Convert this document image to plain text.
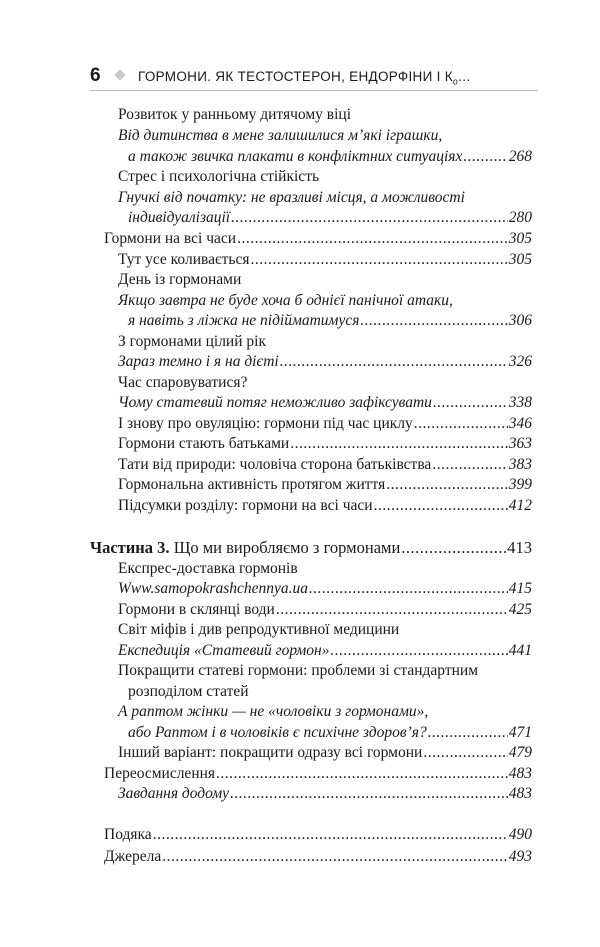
6	ГОРМОНИ. ЯК ТЕСТОСТЕРОН, ЕНДОРФІНИ І $К_о$...
Розвиток у ранньому дитячому віці
Від дитинства в мене залишилися м’які іграшки,
а також звичка плакати в конфліктних ситуаціях .....	268
Стрес і психологічна стійкість
Гнучкі від початку: не вразливі місця, а можливості
індивідуалізації .....	280
Гормони на всі часи .....	305
Тут усе коливається .....	305
День із гормонами
Якщо завтра не буде хоча б однієї панічної атаки,
я навіть з ліжка не підійматимуся .....	306
З гормонами цілий рік
Зараз темно і я на дієті .....	326
Час спаровуватися?
Чому статевий потяг неможливо зафіксувати .....	338
І знову про овуляцію: гормони під час циклу .....	346
Гормони стають батьками .....	363
Тати від природи: чоловіча сторона батьківства .....	383
Гормональна активність протягом життя .....	399
Підсумки розділу: гормони на всі часи .....	412
Частина 3. Що ми виробляємо з гормонами .....	413
Експрес-доставка гормонів
Www.samopokrashchennya.ua .....	415
Гормони в склянці води .....	425
Світ міфів і див репродуктивної медицини
Експедиція «Статевий гормон» .....	441
Покращити статеві гормони: проблеми зі стандартним
розподілом статей
А раптом жінки — не «чоловіки з гормонами»,
або Раптом і в чоловіків є психічне здоров’я? .....	471
Інший варіант: покращити одразу всі гормони .....	479
Переосмислення .....	483
Завдання додому .....	483
Подяка .....	490
Джерела .....	493
